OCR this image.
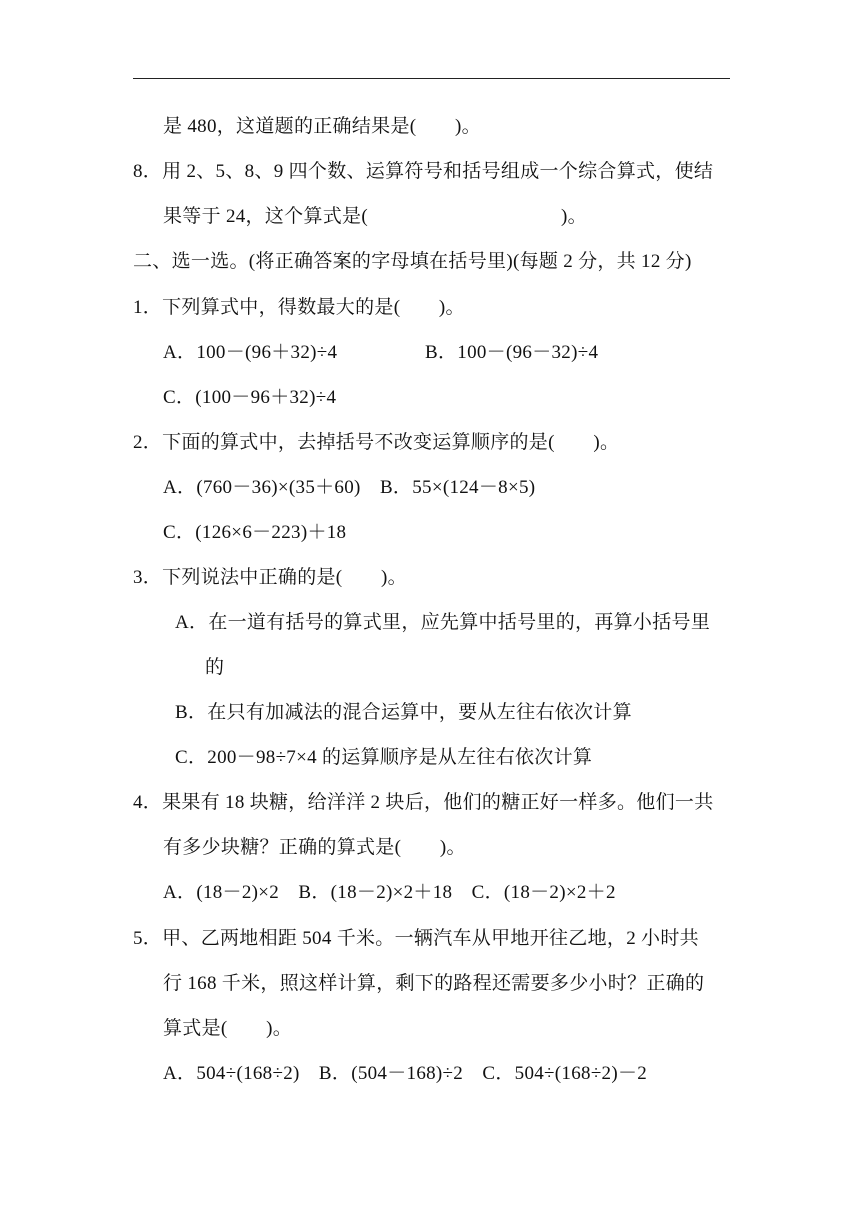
是 480，这道题的正确结果是(　　)。
8．用 2、5、8、9 四个数、运算符号和括号组成一个综合算式，使结
果等于 24，这个算式是(　　　　　　　　　　)。
二、选一选。(将正确答案的字母填在括号里)(每题 2 分，共 12 分)
1．下列算式中，得数最大的是(　　)。
A．100－(96＋32)÷4	B．100－(96－32)÷4
C．(100－96＋32)÷4
2．下面的算式中，去掉括号不改变运算顺序的是(　　)。
A．(760－36)×(35＋60)　B．55×(124－8×5)
C．(126×6－223)＋18
3．下列说法中正确的是(　　)。
A．在一道有括号的算式里，应先算中括号里的，再算小括号里
的
B．在只有加减法的混合运算中，要从左往右依次计算
C．200－98÷7×4 的运算顺序是从左往右依次计算
4．果果有 18 块糖，给洋洋 2 块后，他们的糖正好一样多。他们一共
有多少块糖？正确的算式是(　　)。
A．(18－2)×2　B．(18－2)×2＋18　C．(18－2)×2＋2
5．甲、乙两地相距 504 千米。一辆汽车从甲地开往乙地，2 小时共
行 168 千米，照这样计算，剩下的路程还需要多少小时？正确的
算式是(　　)。
A．504÷(168÷2)　B．(504－168)÷2　C．504÷(168÷2)－2
